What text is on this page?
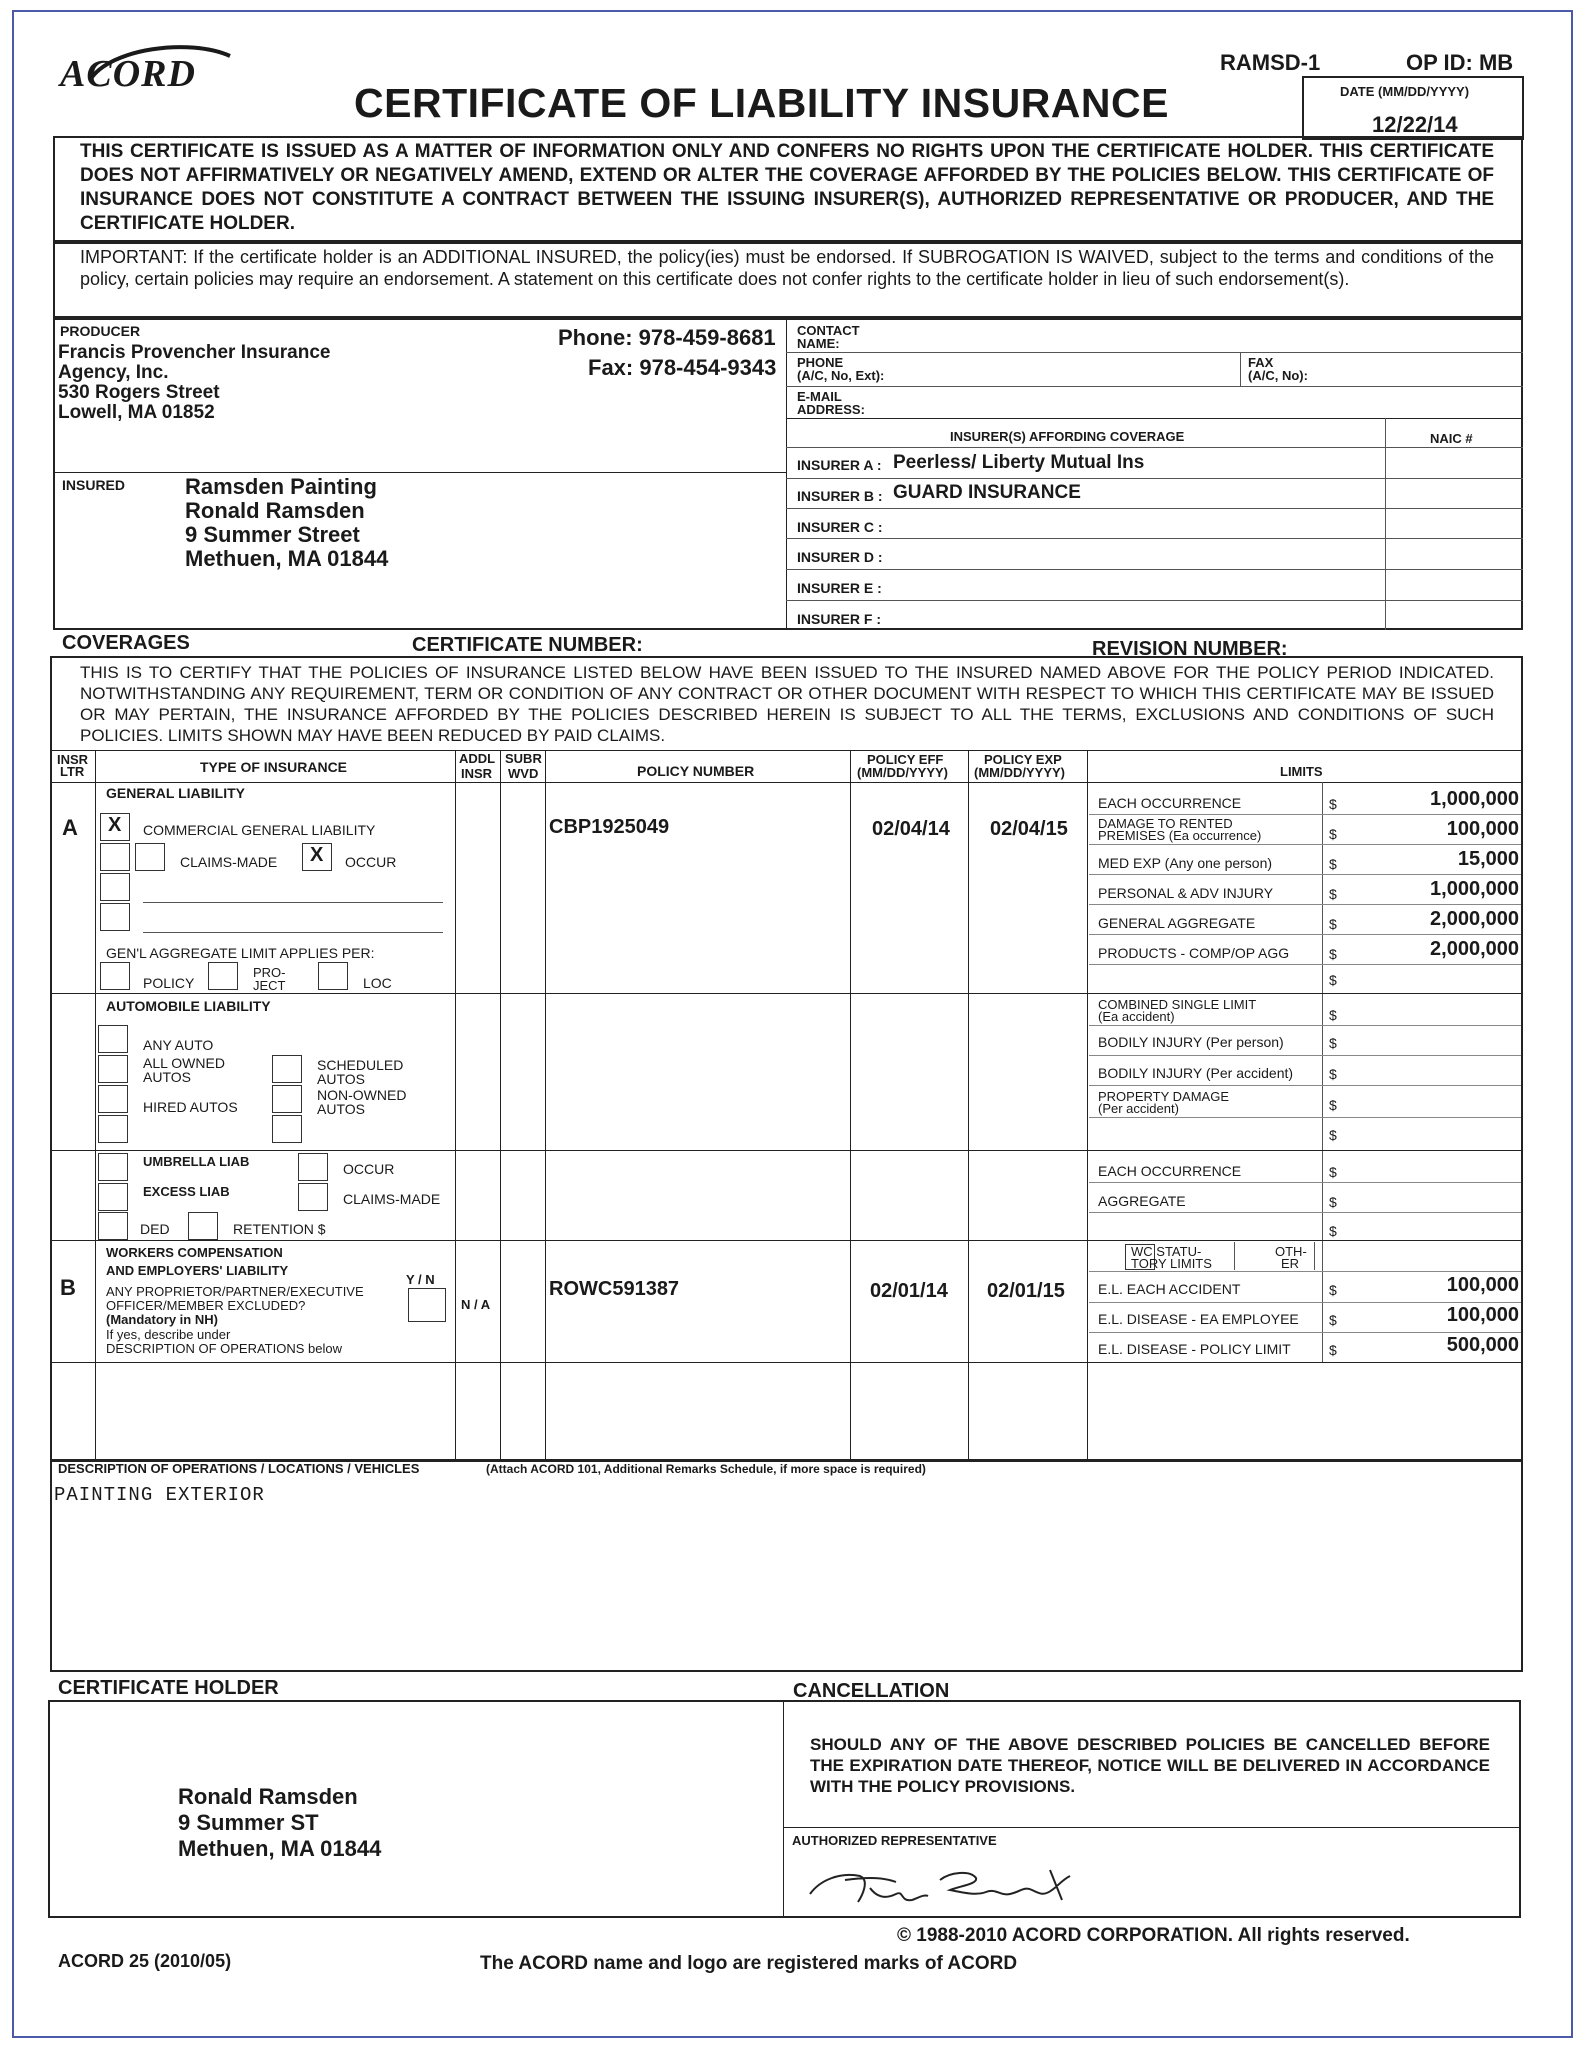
ACORD
CERTIFICATE OF LIABILITY INSURANCE
RAMSD-1	OP ID: MB
DATE (MM/DD/YYYY)
12/22/14
THIS CERTIFICATE IS ISSUED AS A MATTER OF INFORMATION ONLY AND CONFERS NO RIGHTS UPON THE CERTIFICATE HOLDER. THIS CERTIFICATE DOES NOT AFFIRMATIVELY OR NEGATIVELY AMEND, EXTEND OR ALTER THE COVERAGE AFFORDED BY THE POLICIES BELOW. THIS CERTIFICATE OF INSURANCE DOES NOT CONSTITUTE A CONTRACT BETWEEN THE ISSUING INSURER(S), AUTHORIZED REPRESENTATIVE OR PRODUCER, AND THE CERTIFICATE HOLDER.
IMPORTANT: If the certificate holder is an ADDITIONAL INSURED, the policy(ies) must be endorsed. If SUBROGATION IS WAIVED, subject to the terms and conditions of the policy, certain policies may require an endorsement. A statement on this certificate does not confer rights to the certificate holder in lieu of such endorsement(s).
PRODUCER
Francis Provencher Insurance
Agency, Inc.
530 Rogers Street
Lowell, MA 01852
Phone: 978-459-8681
Fax: 978-454-9343
CONTACT
NAME:
PHONE
(A/C, No, Ext):
FAX
(A/C, No):
E-MAIL
ADDRESS:
INSURER(S) AFFORDING COVERAGE	NAIC #
INSURER A : Peerless/ Liberty Mutual Ins
INSURER B : GUARD INSURANCE
INSURER C :
INSURER D :
INSURER E :
INSURER F :
INSURED	Ramsden Painting
Ronald Ramsden
9 Summer Street
Methuen, MA 01844
COVERAGES	CERTIFICATE NUMBER:	REVISION NUMBER:
THIS IS TO CERTIFY THAT THE POLICIES OF INSURANCE LISTED BELOW HAVE BEEN ISSUED TO THE INSURED NAMED ABOVE FOR THE POLICY PERIOD INDICATED. NOTWITHSTANDING ANY REQUIREMENT, TERM OR CONDITION OF ANY CONTRACT OR OTHER DOCUMENT WITH RESPECT TO WHICH THIS CERTIFICATE MAY BE ISSUED OR MAY PERTAIN, THE INSURANCE AFFORDED BY THE POLICIES DESCRIBED HEREIN IS SUBJECT TO ALL THE TERMS, EXCLUSIONS AND CONDITIONS OF SUCH POLICIES. LIMITS SHOWN MAY HAVE BEEN REDUCED BY PAID CLAIMS.
INSR
LTR	TYPE OF INSURANCE
ADDL
INSR
SUBR
WVD	POLICY NUMBER
POLICY EFF
(MM/DD/YYYY)
POLICY EXP
(MM/DD/YYYY)	LIMITS
A
GENERAL LIABILITY
X COMMERCIAL GENERAL LIABILITY
CLAIMS-MADE X OCCUR
GEN'L AGGREGATE LIMIT APPLIES PER:
POLICY
PRO-
JECT	LOC
CBP1925049	02/04/14 02/04/15
EACH OCCURRENCE	$	1,000,000
DAMAGE TO RENTED
PREMISES (Ea occurrence)	$	100,000
MED EXP (Any one person)	$	15,000
PERSONAL & ADV INJURY	$	1,000,000
GENERAL AGGREGATE	$	2,000,000
PRODUCTS - COMP/OP AGG	$	2,000,000
$
AUTOMOBILE LIABILITY
ANY AUTO
ALL OWNED
AUTOS
SCHEDULED
AUTOS
HIRED AUTOS
NON-OWNED
AUTOS
COMBINED SINGLE LIMIT
(Ea accident)	$
BODILY INJURY (Per person)	$
BODILY INJURY (Per accident)	$
PROPERTY DAMAGE
(Per accident)	$
$
UMBRELLA LIAB	OCCUR
EXCESS LIAB	CLAIMS-MADE
DED	RETENTION $
EACH OCCURRENCE	$
AGGREGATE	$
$
B
WORKERS COMPENSATION
AND EMPLOYERS' LIABILITY
Y / N
ANY PROPRIETOR/PARTNER/EXECUTIVE
OFFICER/MEMBER EXCLUDED?
(Mandatory in NH)
If yes, describe under
DESCRIPTION OF OPERATIONS below
N / A
ROWC591387	02/01/14 02/01/15
WC STATU-
TORY LIMITS
OTH-
ER
E.L. EACH ACCIDENT	$	100,000
E.L. DISEASE - EA EMPLOYEE $	100,000
E.L. DISEASE - POLICY LIMIT	$	500,000
DESCRIPTION OF OPERATIONS / LOCATIONS / VEHICLES	(Attach ACORD 101, Additional Remarks Schedule, if more space is required)
PAINTING EXTERIOR
CERTIFICATE HOLDER	CANCELLATION
Ronald Ramsden
9 Summer ST
Methuen, MA 01844
SHOULD ANY OF THE ABOVE DESCRIBED POLICIES BE CANCELLED BEFORE THE EXPIRATION DATE THEREOF, NOTICE WILL BE DELIVERED IN ACCORDANCE WITH THE POLICY PROVISIONS.
AUTHORIZED REPRESENTATIVE
© 1988-2010 ACORD CORPORATION. All rights reserved.
ACORD 25 (2010/05)	The ACORD name and logo are registered marks of ACORD
